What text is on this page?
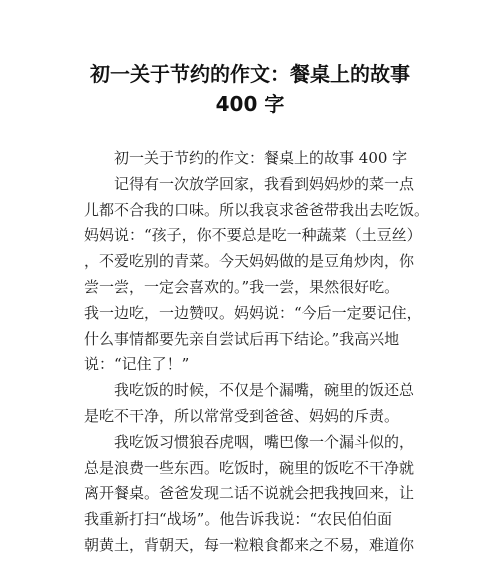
初一关于节约的作文：餐桌上的故事
400 字
初一关于节约的作文：餐桌上的故事 400 字
记得有一次放学回家，我看到妈妈炒的菜一点
儿都不合我的口味。所以我哀求爸爸带我出去吃饭。
妈妈说：“孩子，你不要总是吃一种蔬菜（土豆丝）
，不爱吃别的青菜。今天妈妈做的是豆角炒肉，你
尝一尝，一定会喜欢的。”我一尝，果然很好吃。
我一边吃，一边赞叹。妈妈说：“今后一定要记住，
什么事情都要先亲自尝试后再下结论。”我高兴地
说：“记住了！”
我吃饭的时候，不仅是个漏嘴，碗里的饭还总
是吃不干净，所以常常受到爸爸、妈妈的斥责。
我吃饭习惯狼吞虎咽，嘴巴像一个漏斗似的，
总是浪费一些东西。吃饭时，碗里的饭吃不干净就
离开餐桌。爸爸发现二话不说就会把我拽回来，让
我重新打扫“战场”。他告诉我说：“农民伯伯面
朝黄土，背朝天，每一粒粮食都来之不易，难道你
